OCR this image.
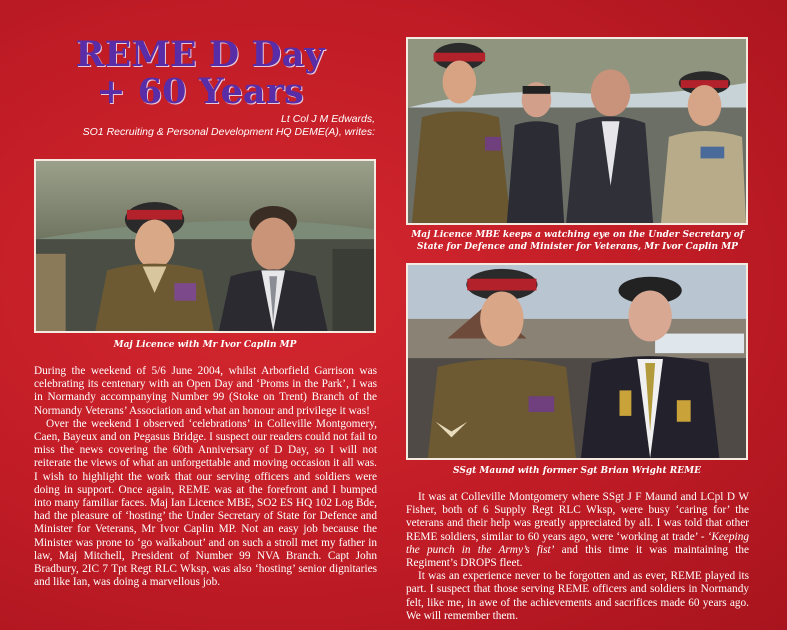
REME D Day
+ 60 Years
Lt Col J M Edwards,
SO1 Recruiting & Personal Development HQ DEME(A), writes:
Maj Licence with Mr Ivor Caplin MP
Maj Licence MBE keeps a watching eye on the Under Secretary of
State for Defence and Minister for Veterans, Mr Ivor Caplin MP
SSgt Maund with former Sgt Brian Wright REME

During the weekend of 5/6 June 2004, whilst Arborfield Garrison was celebrating its centenary with an Open Day and ‘Proms in the Park’, I was in Normandy accompanying Number 99 (Stoke on Trent) Branch of the Normandy Veterans’ Association and what an honour and privilege it was!

Over the weekend I observed ‘celebrations’ in Colleville Montgomery, Caen, Bayeux and on Pegasus Bridge. I suspect our readers could not fail to miss the news covering the 60th Anniversary of D Day, so I will not reiterate the views of what an unforgettable and moving occasion it all was. I wish to highlight the work that our serving officers and soldiers were doing in support. Once again, REME was at the forefront and I bumped into many familiar faces. Maj Ian Licence MBE, SO2 ES HQ 102 Log Bde, had the pleasure of ‘hosting’ the Under Secretary of State for Defence and Minister for Veterans, Mr Ivor Caplin MP. Not an easy job because the Minister was prone to ‘go walkabout’ and on such a stroll met my father in law, Maj Mitchell, President of Number 99 NVA Branch. Capt John Bradbury, 2IC 7 Tpt Regt RLC Wksp, was also ‘hosting’ senior dignitaries and like Ian, was doing a marvellous job.

It was at Colleville Montgomery where SSgt J F Maund and LCpl D W Fisher, both of 6 Supply Regt RLC Wksp, were busy ‘caring for’ the veterans and their help was greatly appreciated by all. I was told that other REME soldiers, similar to 60 years ago, were ‘working at trade’ - ‘Keeping the punch in the Army’s fist’ and this time it was maintaining the Regiment’s DROPS fleet.

It was an experience never to be forgotten and as ever, REME played its part. I suspect that those serving REME officers and soldiers in Normandy felt, like me, in awe of the achievements and sacrifices made 60 years ago. We will remember them.
